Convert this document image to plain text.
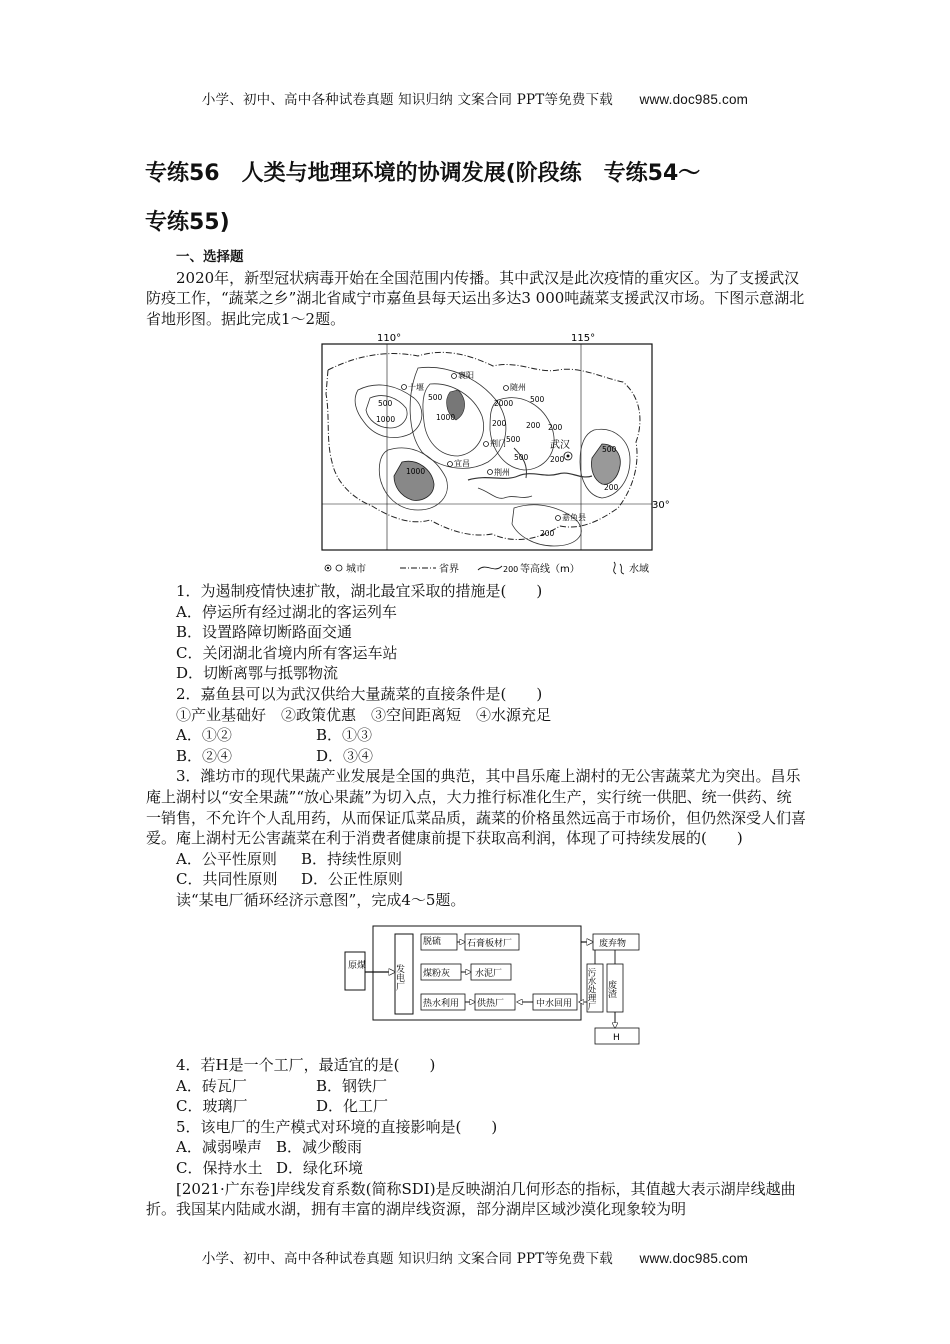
小学、初中、高中各种试卷真题 知识归纳 文案合同 PPT等免费下载 www.doc985.com
专练56　人类与地理环境的协调发展(阶段练　专练54～
专练55)

一、选择题

2020年，新型冠状病毒开始在全国范围内传播。其中武汉是此次疫情的重灾区。为了支援武汉防疫工作，“蔬菜之乡”湖北省咸宁市嘉鱼县每天运出多达3 000吨蔬菜支援武汉市场。下图示意湖北省地形图。据此完成1～2题。

110°	115°
30°
十堰
襄阳
随州
荆门
宜昌
荆州
武汉
嘉鱼县
500
1000
500
2000
200
500
1000
200
500
500
200
200
1000
500
200
200
城市	省界	200 等高线（m）	水域

1．为遏制疫情快速扩散，湖北最宜采取的措施是(　　)

A．停运所有经过湖北的客运列车

B．设置路障切断路面交通

C．关闭湖北省境内所有客运车站

D．切断离鄂与抵鄂物流

2．嘉鱼县可以为武汉供给大量蔬菜的直接条件是(　　)

①产业基础好　②政策优惠　③空间距离短　④水源充足

A．①②	B．①③

B．②④	D．③④

3．潍坊市的现代果蔬产业发展是全国的典范，其中昌乐庵上湖村的无公害蔬菜尤为突出。昌乐庵上湖村以“安全果蔬”“放心果蔬”为切入点，大力推行标准化生产，实行统一供肥、统一供药、统一销售，不允许个人乱用药，从而保证瓜菜品质，蔬菜的价格虽然远高于市场价，但仍然深受人们喜爱。庵上湖村无公害蔬菜在利于消费者健康前提下获取高利润，体现了可持续发展的(　　)

A．公平性原则 B．持续性原则

C．共同性原则 D．公正性原则

读“某电厂循环经济示意图”，完成4～5题。

原煤	发电厂
脱硫	石膏板材厂
煤粉灰	水泥厂
热水利用 供热厂	中水回用
废弃物
污水处理厂 废渣
H

4．若H是一个工厂，最适宜的是(　　)

A．砖瓦厂	B．钢铁厂

C．玻璃厂	D．化工厂

5．该电厂的生产模式对环境的直接影响是(　　)

A．减弱噪声 B．减少酸雨

C．保持水土 D．绿化环境

[2021·广东卷]岸线发育系数(简称SDI)是反映湖泊几何形态的指标，其值越大表示湖岸线越曲折。我国某内陆咸水湖，拥有丰富的湖岸线资源，部分湖岸区域沙漠化现象较为明

小学、初中、高中各种试卷真题 知识归纳 文案合同 PPT等免费下载 www.doc985.com
